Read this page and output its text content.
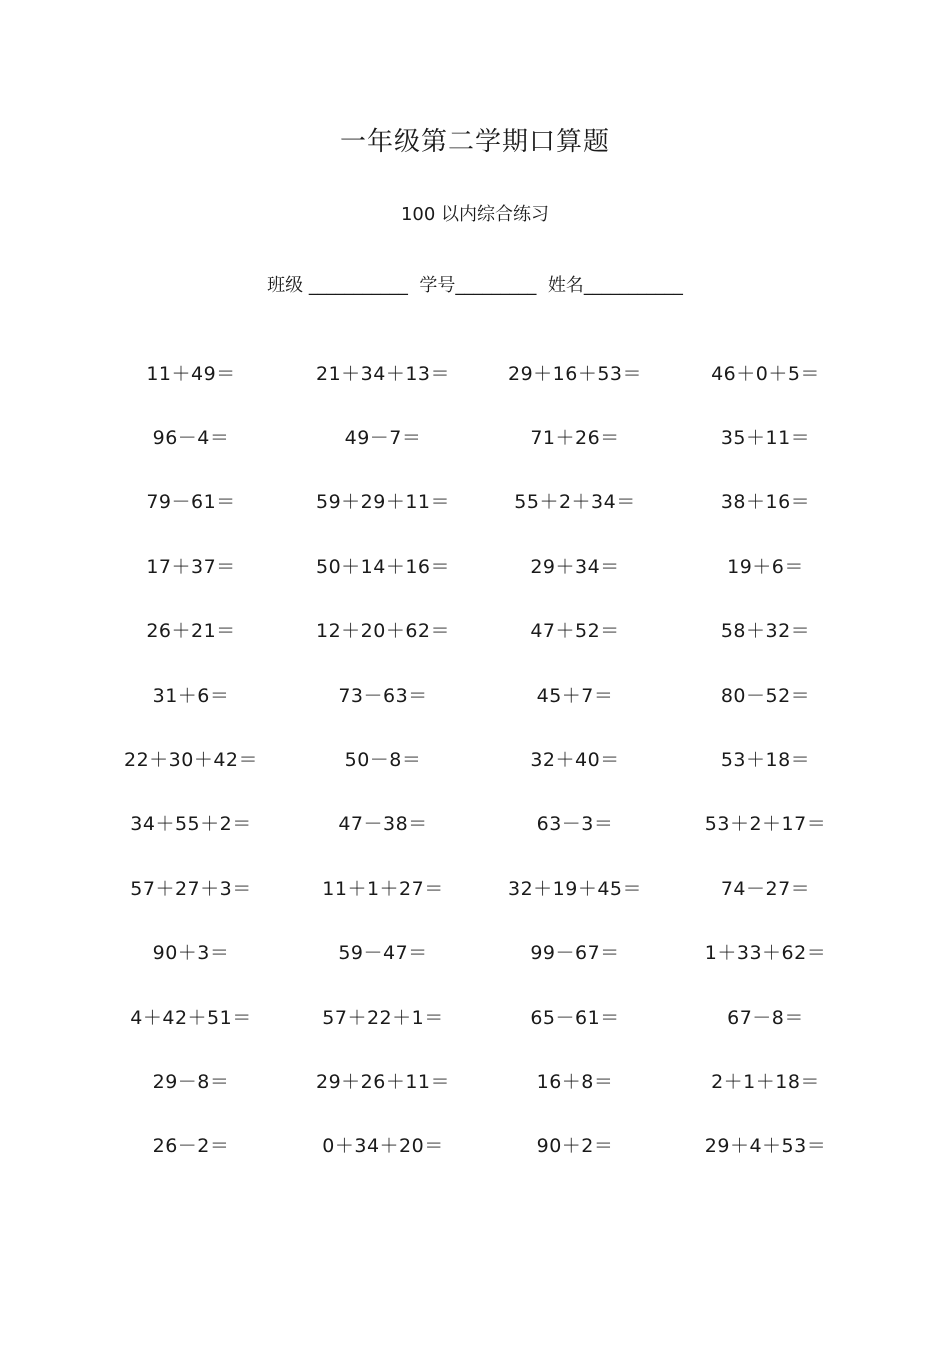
一年级第二学期口算题
100 以内综合练习
班级 ___________ 学号_________ 姓名___________
11＋49＝	21＋34＋13＝	29＋16＋53＝	46＋0＋5＝
96－4＝	49－7＝	71＋26＝	35＋11＝
79－61＝	59＋29＋11＝	55＋2＋34＝	38＋16＝
17＋37＝	50＋14＋16＝	29＋34＝	19＋6＝
26＋21＝	12＋20＋62＝	47＋52＝	58＋32＝
31＋6＝	73－63＝	45＋7＝	80－52＝
22＋30＋42＝	50－8＝	32＋40＝	53＋18＝
34＋55＋2＝	47－38＝	63－3＝	53＋2＋17＝
57＋27＋3＝	11＋1＋27＝	32＋19＋45＝	74－27＝
90＋3＝	59－47＝	99－67＝	1＋33＋62＝
4＋42＋51＝	57＋22＋1＝	65－61＝	67－8＝
29－8＝	29＋26＋11＝	16＋8＝	2＋1＋18＝
26－2＝	0＋34＋20＝	90＋2＝	29＋4＋53＝
